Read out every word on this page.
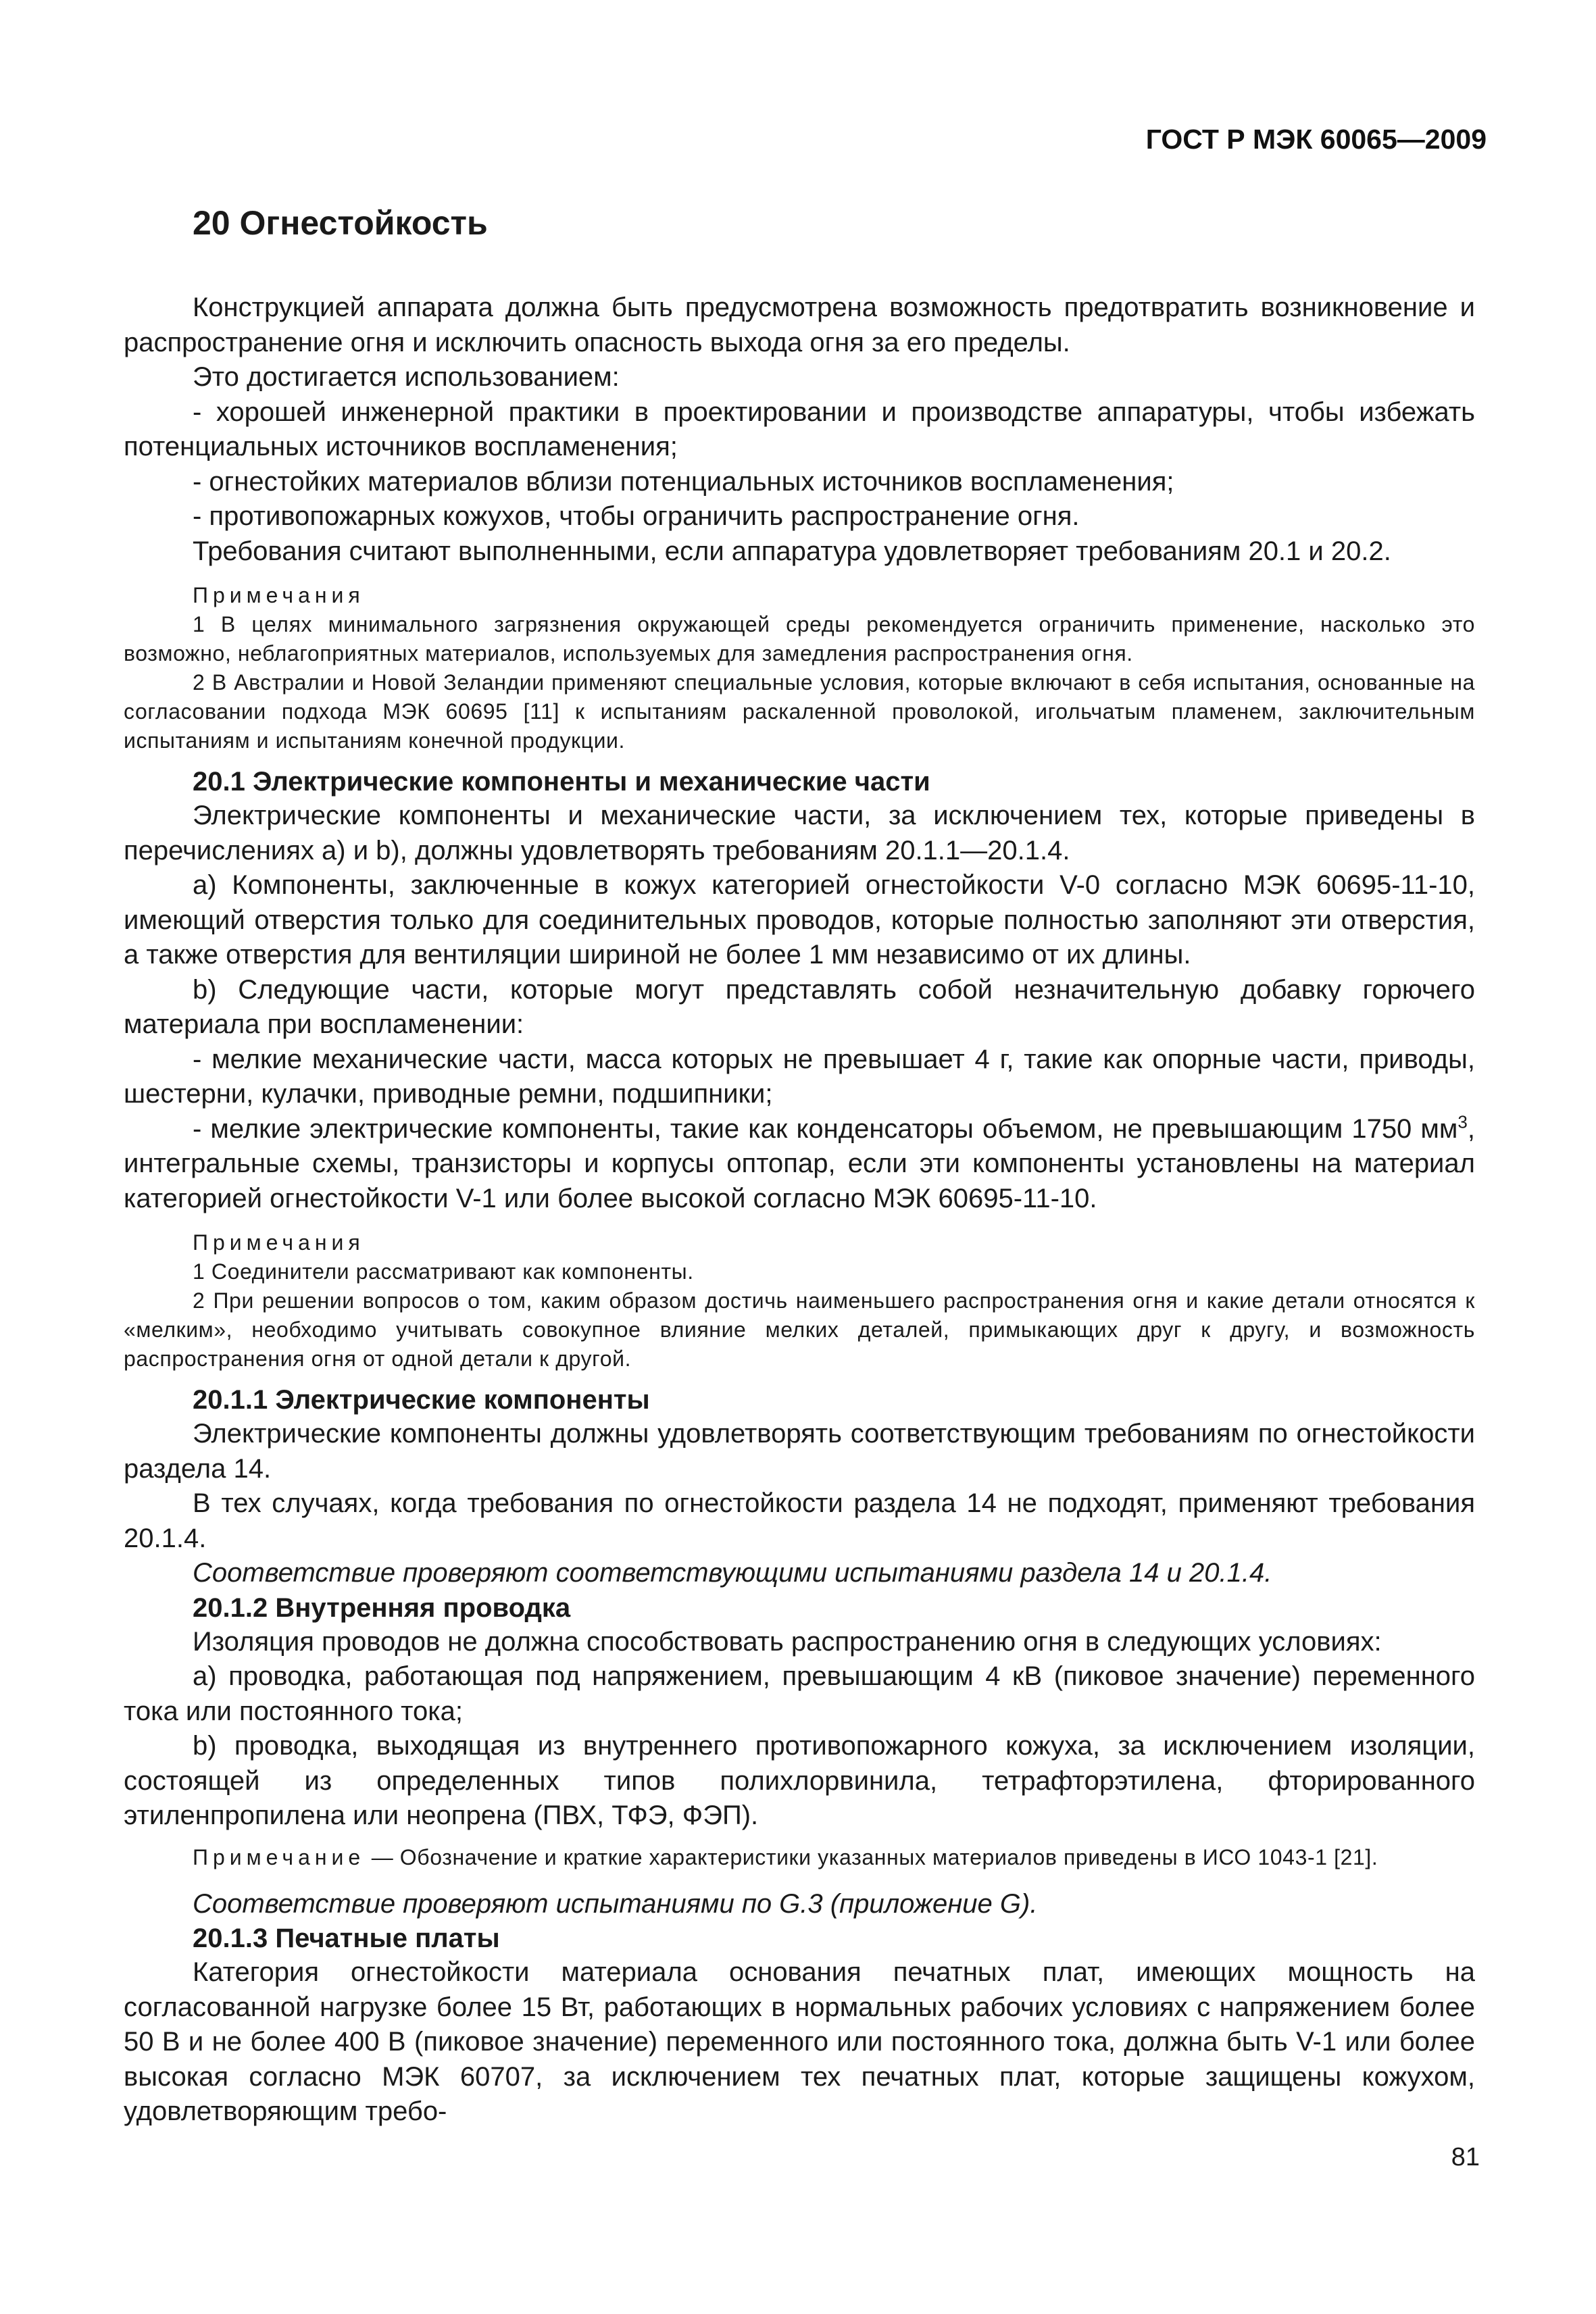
ГОСТ Р МЭК 60065—2009
20 Огнестойкость

Конструкцией аппарата должна быть предусмотрена возможность предотвратить возникновение и распространение огня и исключить опасность выхода огня за его пределы.

Это достигается использованием:

- хорошей инженерной практики в проектировании и производстве аппаратуры, чтобы избежать потенциальных источников воспламенения;

- огнестойких материалов вблизи потенциальных источников воспламенения;

- противопожарных кожухов, чтобы ограничить распространение огня.

Требования считают выполненными, если аппаратура удовлетворяет требованиям 20.1 и 20.2.

Примечания

1 В целях минимального загрязнения окружающей среды рекомендуется ограничить применение, насколько это возможно, неблагоприятных материалов, используемых для замедления распространения огня.

2 В Австралии и Новой Зеландии применяют специальные условия, которые включают в себя испытания, основанные на согласовании подхода МЭК 60695 [11] к испытаниям раскаленной проволокой, игольчатым пламенем, заключительным испытаниям и испытаниям конечной продукции.

20.1 Электрические компоненты и механические части

Электрические компоненты и механические части, за исключением тех, которые приведены в перечислениях a) и b), должны удовлетворять требованиям 20.1.1—20.1.4.

a) Компоненты, заключенные в кожух категорией огнестойкости V-0 согласно МЭК 60695-11-10, имеющий отверстия только для соединительных проводов, которые полностью заполняют эти отверстия, а также отверстия для вентиляции шириной не более 1 мм независимо от их длины.

b) Следующие части, которые могут представлять собой незначительную добавку горючего материала при воспламенении:

- мелкие механические части, масса которых не превышает 4 г, такие как опорные части, приводы, шестерни, кулачки, приводные ремни, подшипники;

- мелкие электрические компоненты, такие как конденсаторы объемом, не превышающим 1750 $мм^3$, интегральные схемы, транзисторы и корпусы оптопар, если эти компоненты установлены на материал категорией огнестойкости V-1 или более высокой согласно МЭК 60695-11-10.

Примечания

1 Соединители рассматривают как компоненты.

2 При решении вопросов о том, каким образом достичь наименьшего распространения огня и какие детали относятся к «мелким», необходимо учитывать совокупное влияние мелких деталей, примыкающих друг к другу, и возможность распространения огня от одной детали к другой.

20.1.1 Электрические компоненты

Электрические компоненты должны удовлетворять соответствующим требованиям по огнестойкости раздела 14.

В тех случаях, когда требования по огнестойкости раздела 14 не подходят, применяют требования 20.1.4.

Соответствие проверяют соответствующими испытаниями раздела 14 и 20.1.4.

20.1.2 Внутренняя проводка

Изоляция проводов не должна способствовать распространению огня в следующих условиях:

a) проводка, работающая под напряжением, превышающим 4 кВ (пиковое значение) переменного тока или постоянного тока;

b) проводка, выходящая из внутреннего противопожарного кожуха, за исключением изоляции, состоящей из определенных типов полихлорвинила, тетрафторэтилена, фторированного этиленпропилена или неопрена (ПВХ, ТФЭ, ФЭП).

Примечание — Обозначение и краткие характеристики указанных материалов приведены в ИСО 1043-1 [21].

Соответствие проверяют испытаниями по G.3 (приложение G).

20.1.3 Печатные платы

Категория огнестойкости материала основания печатных плат, имеющих мощность на согласованной нагрузке более 15 Вт, работающих в нормальных рабочих условиях с напряжением более 50 В и не более 400 В (пиковое значение) переменного или постоянного тока, должна быть V-1 или более высокая согласно МЭК 60707, за исключением тех печатных плат, которые защищены кожухом, удовлетворяющим требо-

81
